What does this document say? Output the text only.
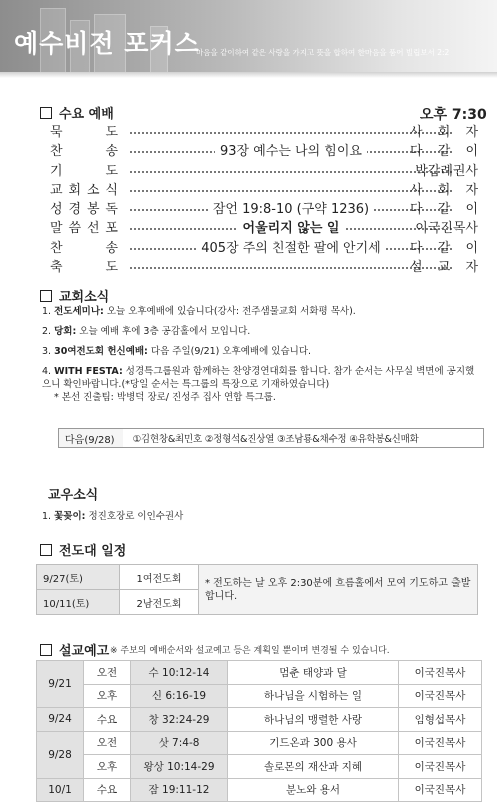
예수비전 포커스
마음을 같이하여 같은 사랑을 가지고 뜻을 합하여 한마음을 품어 빌립보서 2:2
수요 예배	오후 7:30
묵	도	사 회 자
찬	송	93장 예수는 나의 힘이요	다 같 이
기	도	박갑례권사
교 회 소 식	사 회 자
성 경 봉 독	잠언 19:8-10 (구약 1236)	다 같 이
말 씀 선 포	어울리지 않는 일	이국진목사
찬	송	405장 주의 친절한 팔에 안기세	다 같 이
축	도	설 교 자
교회소식
1. 전도세미나: 오늘 오후예배에 있습니다(강사: 전주샘물교회 서화평 목사).
2. 당회: 오늘 예배 후에 3층 공감홀에서 모입니다.
3. 30여전도회 헌신예배: 다음 주일(9/21) 오후예배에 있습니다.
4. WITH FESTA: 성경특그룹원과 함께하는 찬양경연대회를 합니다. 참가 순서는 사무실 벽면에 공지했으니 확인바랍니다.(*당일 순서는 특그룹의 특장으로 기재하였습니다)
* 본선 진출팀: 박병덕 장로/ 진성주 집사 연합 특그룹.
다음(9/28)	①김현창&최민호 ②정형석&진상열 ③조남룡&채수정 ④유학봉&신매화
교우소식
1. 꽃꽂이: 정진호장로 이인수권사
전도대 일정
9/27(토)	1여전도회	* 전도하는 날 오후 2:30분에 흐름홀에서 모여 기도하고 출발합니다.
10/11(토)	2남전도회	
설교예고 ※ 주보의 예배순서와 설교예고 등은 계획일 뿐이며 변경될 수 있습니다.
9/21	오전	수 10:12-14	멈춘 태양과 달	이국진목사
	오후	신 6:16-19	하나님을 시험하는 일	이국진목사
9/24	수요	창 32:24-29	하나님의 맹렬한 사랑	임형섭목사
9/28	오전	삿 7:4-8	기드온과 300 용사	이국진목사
	오후	왕상 10:14-29	솔로몬의 재산과 지혜	이국진목사
10/1	수요	잠 19:11-12	분노와 용서	이국진목사
